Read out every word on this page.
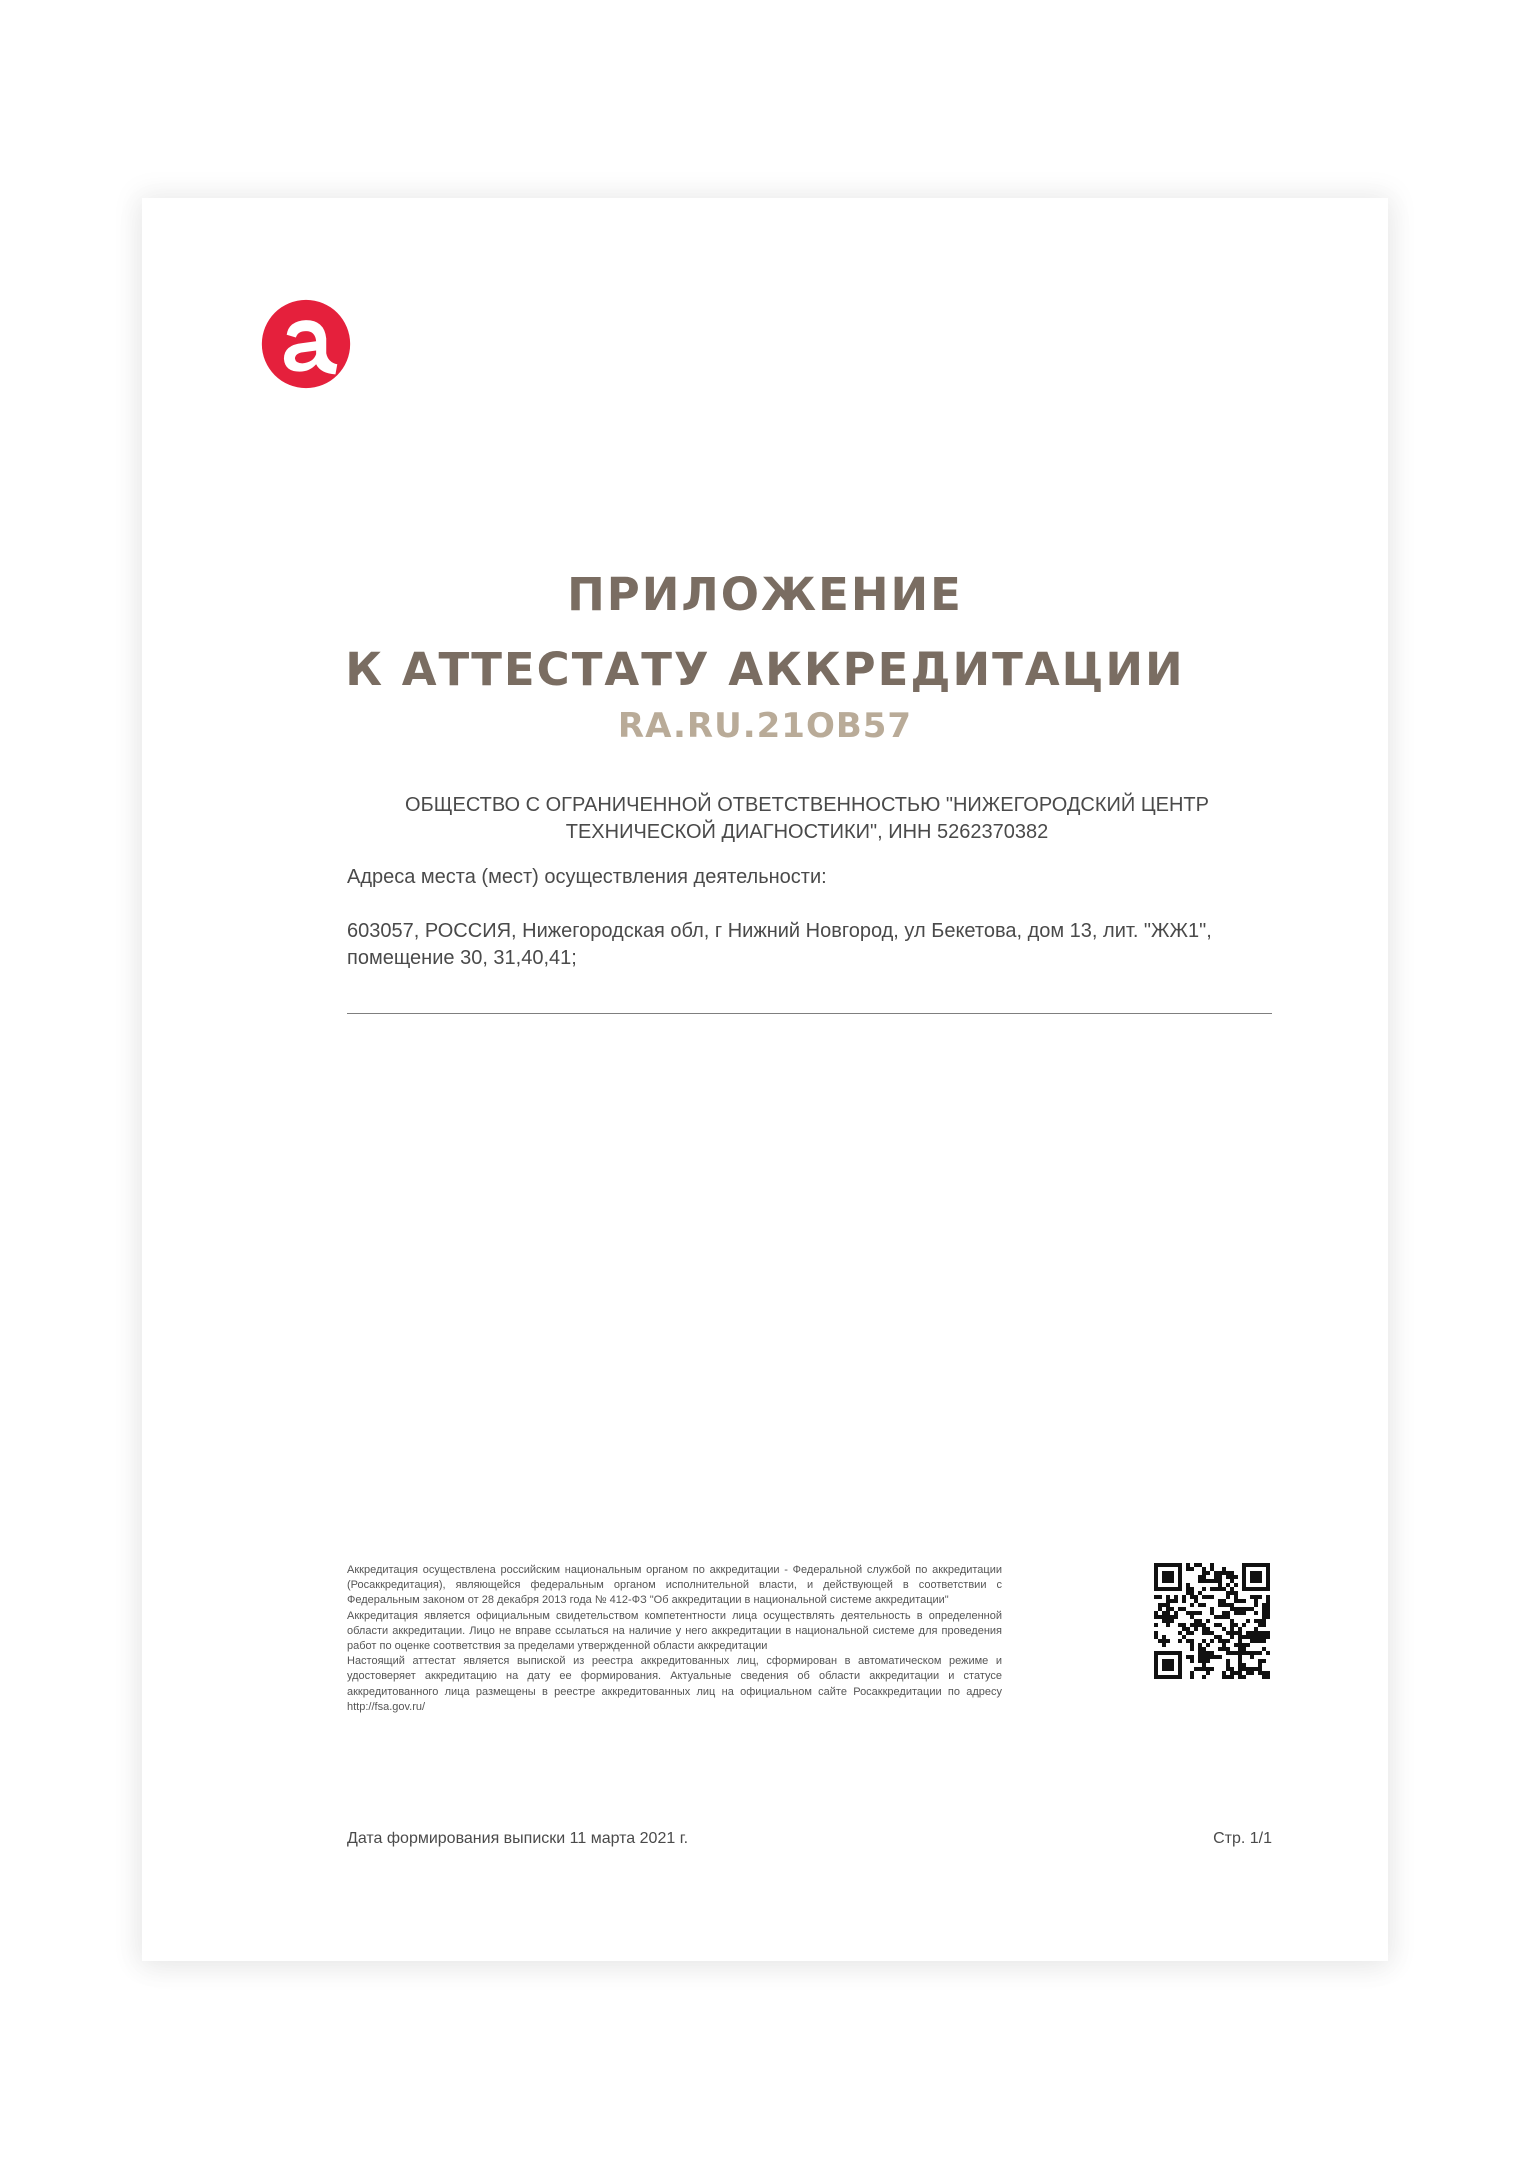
ПРИЛОЖЕНИЕ
К АТТЕСТАТУ АККРЕДИТАЦИИ
RA.RU.21OB57
ОБЩЕСТВО С ОГРАНИЧЕННОЙ ОТВЕТСТВЕННОСТЬЮ "НИЖЕГОРОДСКИЙ ЦЕНТР ТЕХНИЧЕСКОЙ ДИАГНОСТИКИ", ИНН 5262370382
Адреса места (мест) осуществления деятельности:
603057, РОССИЯ, Нижегородская обл, г Нижний Новгород, ул Бекетова, дом 13, лит. "ЖЖ1", помещение 30, 31,40,41;

Аккредитация осуществлена российским национальным органом по аккредитации - Федеральной службой по аккредитации (Росаккредитация), являющейся федеральным органом исполнительной власти, и действующей в соответствии с Федеральным законом от 28 декабря 2013 года № 412-ФЗ "Об аккредитации в национальной системе аккредитации"

Аккредитация является официальным свидетельством компетентности лица осуществлять деятельность в определенной области аккредитации. Лицо не вправе ссылаться на наличие у него аккредитации в национальной системе для проведения работ по оценке соответствия за пределами утвержденной области аккредитации

Настоящий аттестат является выпиской из реестра аккредитованных лиц, сформирован в автоматическом режиме и удостоверяет аккредитацию на дату ее формирования. Актуальные сведения об области аккредитации и статусе аккредитованного лица размещены в реестре аккредитованных лиц на официальном сайте Росаккредитации по адресу http://fsa.gov.ru/

Дата формирования выписки 11 марта 2021 г.	Стр. 1/1
